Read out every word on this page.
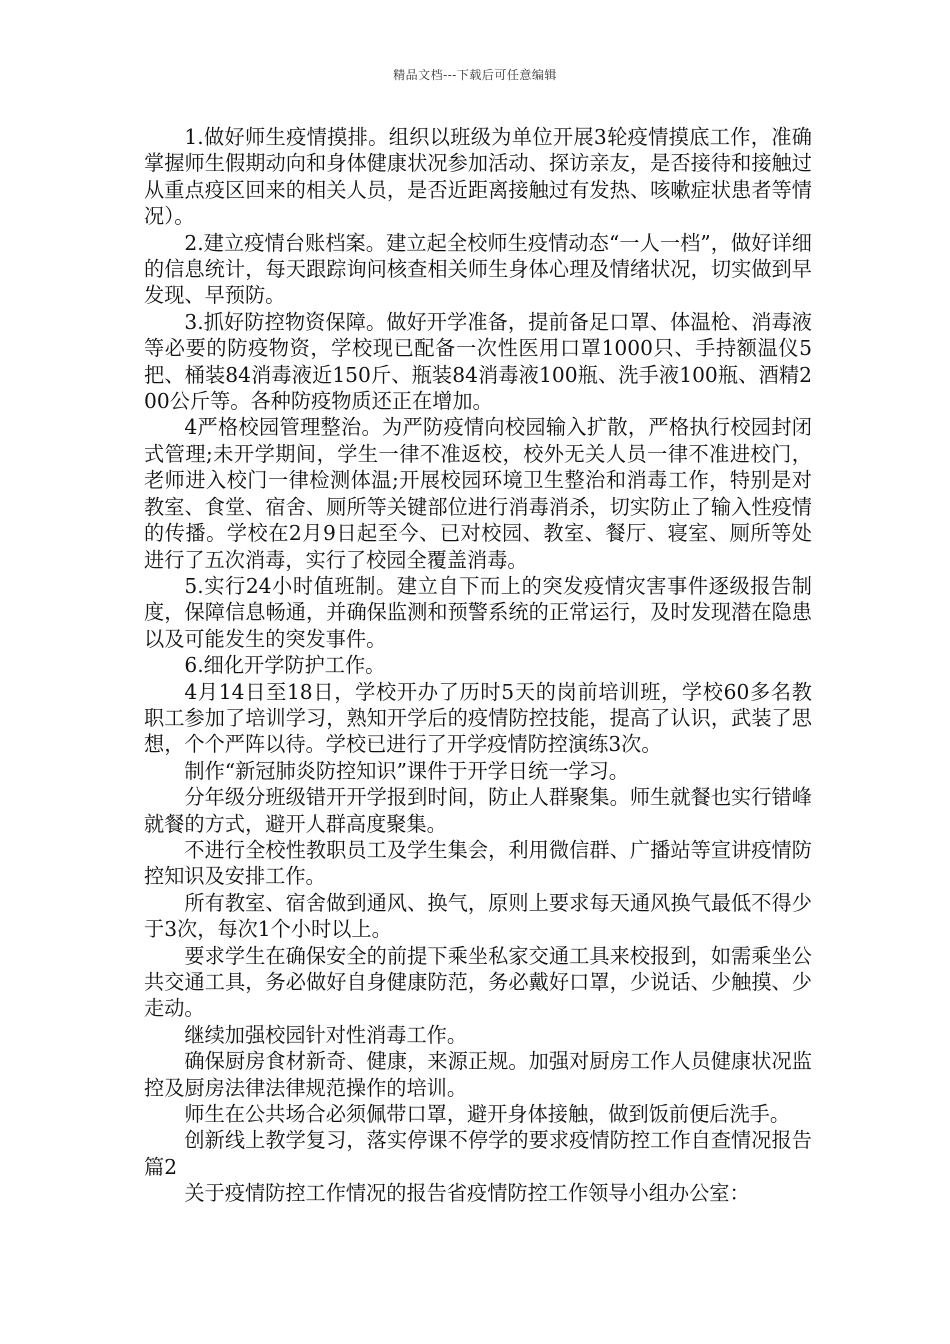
精品文档---下载后可任意编辑

1.做好师生疫情摸排。组织以班级为单位开展3轮疫情摸底工作，准确掌握师生假期动向和身体健康状况参加活动、探访亲友，是否接待和接触过从重点疫区回来的相关人员，是否近距离接触过有发热、咳嗽症状患者等情况）。

2.建立疫情台账档案。建立起全校师生疫情动态“一人一档”，做好详细的信息统计，每天跟踪询问核查相关师生身体心理及情绪状况，切实做到早发现、早预防。

3.抓好防控物资保障。做好开学准备，提前备足口罩、体温枪、消毒液等必要的防疫物资，学校现已配备一次性医用口罩1000只、手持额温仪5把、桶装84消毒液近150斤、瓶装84消毒液100瓶、洗手液100瓶、酒精200公斤等。各种防疫物质还正在增加。

4严格校园管理整治。为严防疫情向校园输入扩散，严格执行校园封闭式管理;未开学期间，学生一律不准返校，校外无关人员一律不准进校门，老师进入校门一律检测体温;开展校园环境卫生整治和消毒工作，特别是对教室、食堂、宿舍、厕所等关键部位进行消毒消杀，切实防止了输入性疫情的传播。学校在2月9日起至今、已对校园、教室、餐厅、寝室、厕所等处进行了五次消毒，实行了校园全覆盖消毒。

5.实行24小时值班制。建立自下而上的突发疫情灾害事件逐级报告制度，保障信息畅通，并确保监测和预警系统的正常运行，及时发现潜在隐患以及可能发生的突发事件。

6.细化开学防护工作。

4月14日至18日，学校开办了历时5天的岗前培训班，学校60多名教职工参加了培训学习，熟知开学后的疫情防控技能，提高了认识，武装了思想，个个严阵以待。学校已进行了开学疫情防控演练3次。

制作“新冠肺炎防控知识”课件于开学日统一学习。

分年级分班级错开开学报到时间，防止人群聚集。师生就餐也实行错峰就餐的方式，避开人群高度聚集。

不进行全校性教职员工及学生集会，利用微信群、广播站等宣讲疫情防控知识及安排工作。

所有教室、宿舍做到通风、换气，原则上要求每天通风换气最低不得少于3次，每次1个小时以上。

要求学生在确保安全的前提下乘坐私家交通工具来校报到，如需乘坐公共交通工具，务必做好自身健康防范，务必戴好口罩，少说话、少触摸、少走动。

继续加强校园针对性消毒工作。

确保厨房食材新奇、健康，来源正规。加强对厨房工作人员健康状况监控及厨房法律法律规范操作的培训。

师生在公共场合必须佩带口罩，避开身体接触，做到饭前便后洗手。

创新线上教学复习，落实停课不停学的要求疫情防控工作自查情况报告篇2

关于疫情防控工作情况的报告省疫情防控工作领导小组办公室：
